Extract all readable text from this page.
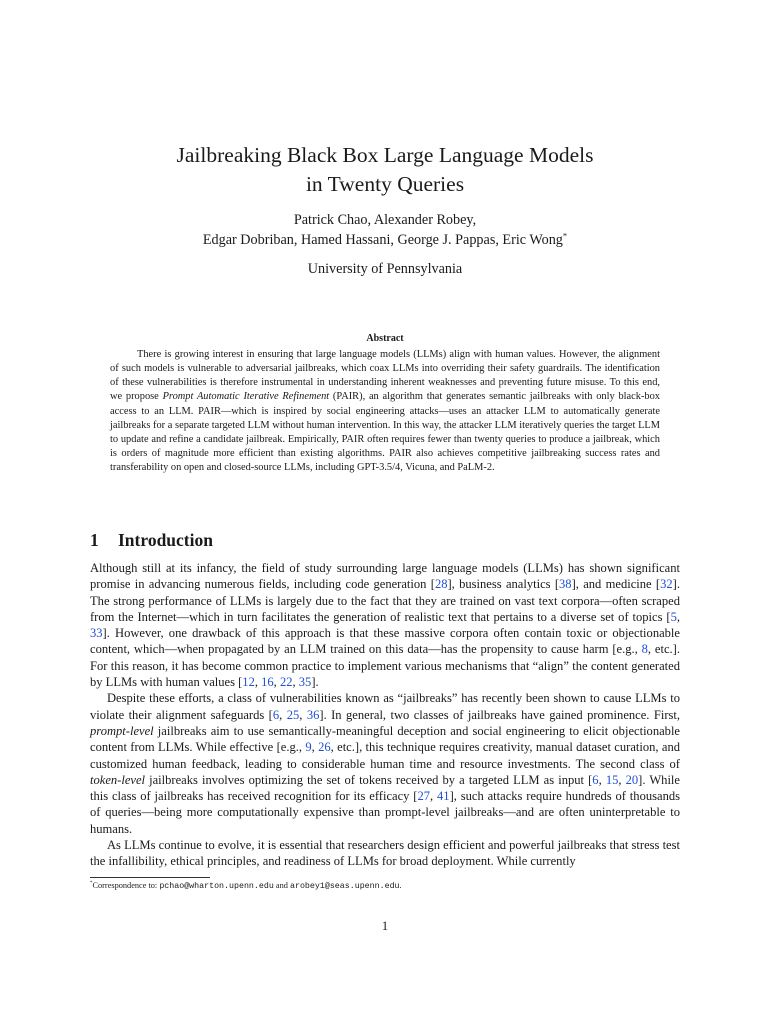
Jailbreaking Black Box Large Language Models
in Twenty Queries
Patrick Chao, Alexander Robey,
Edgar Dobriban, Hamed Hassani, George J. Pappas, Eric Wong*
University of Pennsylvania
Abstract

There is growing interest in ensuring that large language models (LLMs) align with human values. However, the alignment of such models is vulnerable to adversarial jailbreaks, which coax LLMs into overriding their safety guardrails. The identification of these vulnerabilities is therefore instrumental in understanding inherent weaknesses and preventing future misuse. To this end, we propose Prompt Automatic Iterative Refinement (PAIR), an algorithm that generates semantic jailbreaks with only black-box access to an LLM. PAIR—which is inspired by social engineering attacks—uses an attacker LLM to automatically generate jailbreaks for a separate targeted LLM without human intervention. In this way, the attacker LLM iteratively queries the target LLM to update and refine a candidate jailbreak. Empirically, PAIR often requires fewer than twenty queries to produce a jailbreak, which is orders of magnitude more efficient than existing algorithms. PAIR also achieves competitive jailbreaking success rates and transferability on open and closed-source LLMs, including GPT-3.5/4, Vicuna, and PaLM-2.

1 Introduction

Although still at its infancy, the field of study surrounding large language models (LLMs) has shown significant promise in advancing numerous fields, including code generation [28], business analytics [38], and medicine [32]. The strong performance of LLMs is largely due to the fact that they are trained on vast text corpora—often scraped from the Internet—which in turn facilitates the generation of realistic text that pertains to a diverse set of topics [5, 33]. However, one drawback of this approach is that these massive corpora often contain toxic or objectionable content, which—when propagated by an LLM trained on this data—has the propensity to cause harm [e.g., 8, etc.]. For this reason, it has become common practice to implement various mechanisms that “align” the content generated by LLMs with human values [12, 16, 22, 35].

Despite these efforts, a class of vulnerabilities known as “jailbreaks” has recently been shown to cause LLMs to violate their alignment safeguards [6, 25, 36]. In general, two classes of jailbreaks have gained prominence. First, prompt-level jailbreaks aim to use semantically-meaningful deception and social engineering to elicit objectionable content from LLMs. While effective [e.g., 9, 26, etc.], this technique requires creativity, manual dataset curation, and customized human feedback, leading to considerable human time and resource investments. The second class of token-level jailbreaks involves optimizing the set of tokens received by a targeted LLM as input [6, 15, 20]. While this class of jailbreaks has received recognition for its efficacy [27, 41], such attacks require hundreds of thousands of queries—being more computationally expensive than prompt-level jailbreaks—and are often uninterpretable to humans.

As LLMs continue to evolve, it is essential that researchers design efficient and powerful jailbreaks that stress test the infallibility, ethical principles, and readiness of LLMs for broad deployment. While currently

*Correspondence to: pchao@wharton.upenn.edu and arobey1@seas.upenn.edu.
1
